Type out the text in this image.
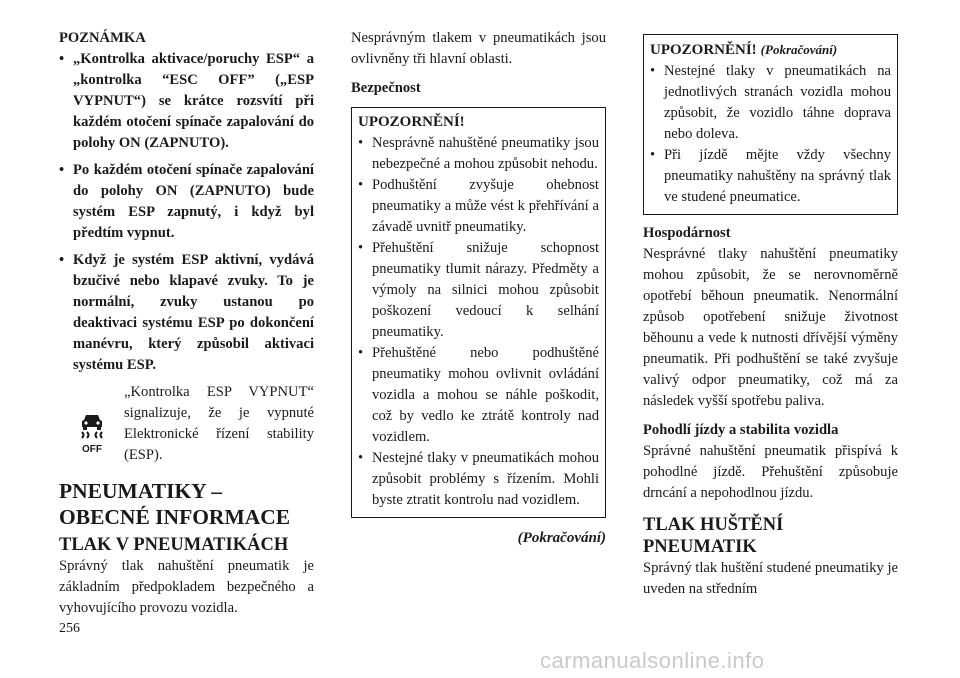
POZNÁMKA

• „Kontrolka aktivace/poruchy ESP“ a „kontrolka “ESC OFF” („ESP VYPNUT“) se krátce rozsvítí při každém otočení spínače zapalování do polohy ON (ZAPNUTO).
• Po každém otočení spínače zapalování do polohy ON (ZAPNUTO) bude systém ESP zapnutý, i když byl předtím vypnut.
• Když je systém ESP aktivní, vydává bzučivé nebo klapavé zvuky. To je normální, zvuky ustanou po deaktivaci systému ESP po dokončení manévru, který způsobil aktivaci systému ESP.
OFF

„Kontrolka ESP VYPNUT“ signalizuje, že je vypnuté Elektronické řízení stability (ESP).

PNEUMATIKY – OBECNÉ INFORMACE
TLAK V PNEUMATIKÁCH

Správný tlak nahuštění pneumatik je základním předpokladem bezpečného a vyhovujícího provozu vozidla.

Nesprávným tlakem v pneumatikách jsou ovlivněny tři hlavní oblasti.

Bezpečnost

UPOZORNĚNÍ!

• Nesprávně nahuštěné pneumatiky jsou nebezpečné a mohou způsobit nehodu.
• Podhuštění zvyšuje ohebnost pneumatiky a může vést k přehřívání a závadě uvnitř pneumatiky.
• Přehuštění snižuje schopnost pneumatiky tlumit nárazy. Předměty a výmoly na silnici mohou způsobit poškození vedoucí k selhání pneumatiky.
• Přehuštěné nebo podhuštěné pneumatiky mohou ovlivnit ovládání vozidla a mohou se náhle poškodit, což by vedlo ke ztrátě kontroly nad vozidlem.
• Nestejné tlaky v pneumatikách mohou způsobit problémy s řízením. Mohli byste ztratit kontrolu nad vozidlem.

(Pokračování)

UPOZORNĚNÍ! (Pokračování)

• Nestejné tlaky v pneumatikách na jednotlivých stranách vozidla mohou způsobit, že vozidlo táhne doprava nebo doleva.
• Při jízdě mějte vždy všechny pneumatiky nahuštěny na správný tlak ve studené pneumatice.

Hospodárnost

Nesprávné tlaky nahuštění pneumatiky mohou způsobit, že se nerovnoměrně opotřebí běhoun pneumatik. Nenormální způsob opotřebení snižuje životnost běhounu a vede k nutnosti dřívější výměny pneumatik. Při podhuštění se také zvyšuje valivý odpor pneumatiky, což má za následek vyšší spotřebu paliva.

Pohodlí jízdy a stabilita vozidla

Správné nahuštění pneumatik přispívá k pohodlné jízdě. Přehuštění způsobuje drncání a nepohodlnou jízdu.

TLAK HUŠTĚNÍ PNEUMATIK

Správný tlak huštění studené pneumatiky je uveden na středním

256
carmanualsonline.info
